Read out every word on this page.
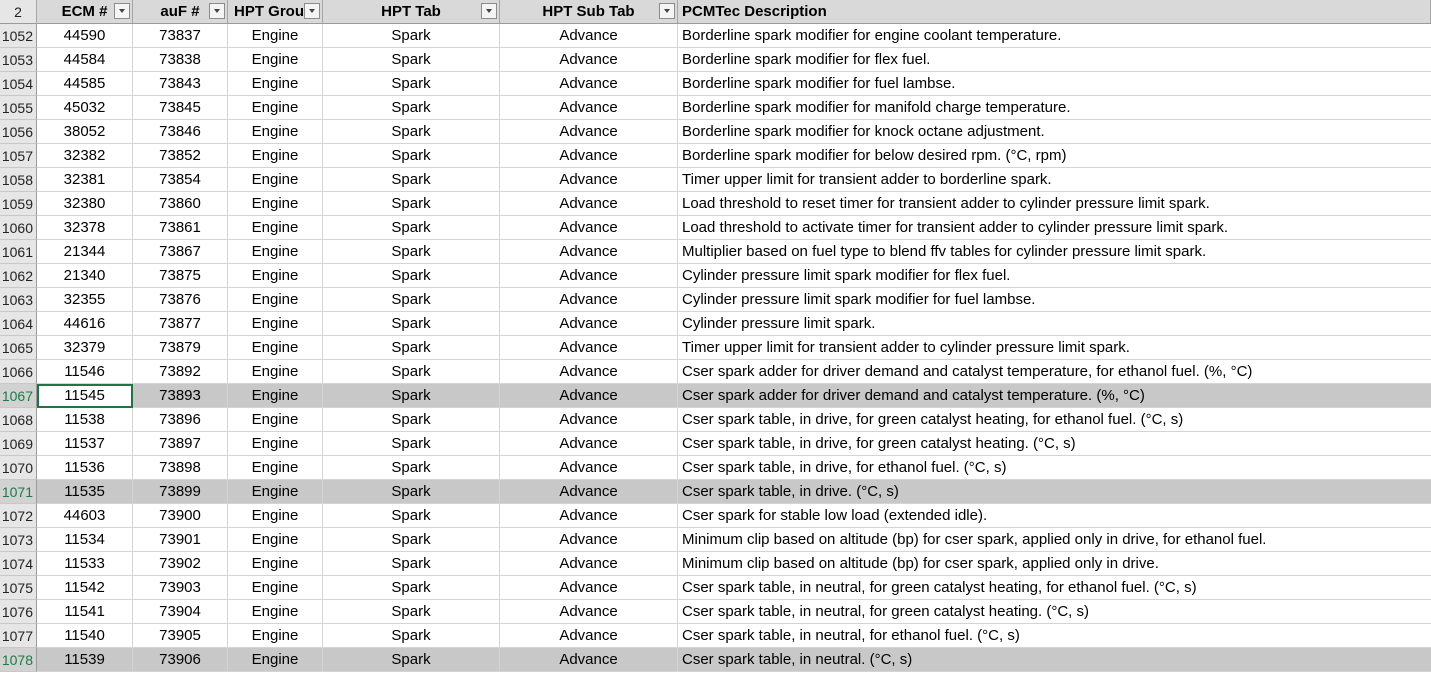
2	ECM #	auF #	HPT Grou	HPT Tab	HPT Sub Tab	PCMTec Description
1052	44590	73837	Engine	Spark	Advance	Borderline spark modifier for engine coolant temperature.
1053	44584	73838	Engine	Spark	Advance	Borderline spark modifier for flex fuel.
1054	44585	73843	Engine	Spark	Advance	Borderline spark modifier for fuel lambse.
1055	45032	73845	Engine	Spark	Advance	Borderline spark modifier for manifold charge temperature.
1056	38052	73846	Engine	Spark	Advance	Borderline spark modifier for knock octane adjustment.
1057	32382	73852	Engine	Spark	Advance	Borderline spark modifier for below desired rpm. (°C, rpm)
1058	32381	73854	Engine	Spark	Advance	Timer upper limit for transient adder to borderline spark.
1059	32380	73860	Engine	Spark	Advance	Load threshold to reset timer for transient adder to cylinder pressure limit spark.
1060	32378	73861	Engine	Spark	Advance	Load threshold to activate timer for transient adder to cylinder pressure limit spark.
1061	21344	73867	Engine	Spark	Advance	Multiplier based on fuel type to blend ffv tables for cylinder pressure limit spark.
1062	21340	73875	Engine	Spark	Advance	Cylinder pressure limit spark modifier for flex fuel.
1063	32355	73876	Engine	Spark	Advance	Cylinder pressure limit spark modifier for fuel lambse.
1064	44616	73877	Engine	Spark	Advance	Cylinder pressure limit spark.
1065	32379	73879	Engine	Spark	Advance	Timer upper limit for transient adder to cylinder pressure limit spark.
1066	11546	73892	Engine	Spark	Advance	Cser spark adder for driver demand and catalyst temperature, for ethanol fuel. (%, °C)
1067	11545	73893	Engine	Spark	Advance	Cser spark adder for driver demand and catalyst temperature. (%, °C)
1068	11538	73896	Engine	Spark	Advance	Cser spark table, in drive, for green catalyst heating, for ethanol fuel. (°C, s)
1069	11537	73897	Engine	Spark	Advance	Cser spark table, in drive, for green catalyst heating. (°C, s)
1070	11536	73898	Engine	Spark	Advance	Cser spark table, in drive, for ethanol fuel. (°C, s)
1071	11535	73899	Engine	Spark	Advance	Cser spark table, in drive. (°C, s)
1072	44603	73900	Engine	Spark	Advance	Cser spark for stable low load (extended idle).
1073	11534	73901	Engine	Spark	Advance	Minimum clip based on altitude (bp) for cser spark, applied only in drive, for ethanol fuel.
1074	11533	73902	Engine	Spark	Advance	Minimum clip based on altitude (bp) for cser spark, applied only in drive.
1075	11542	73903	Engine	Spark	Advance	Cser spark table, in neutral, for green catalyst heating, for ethanol fuel. (°C, s)
1076	11541	73904	Engine	Spark	Advance	Cser spark table, in neutral, for green catalyst heating. (°C, s)
1077	11540	73905	Engine	Spark	Advance	Cser spark table, in neutral, for ethanol fuel. (°C, s)
1078	11539	73906	Engine	Spark	Advance	Cser spark table, in neutral. (°C, s)
